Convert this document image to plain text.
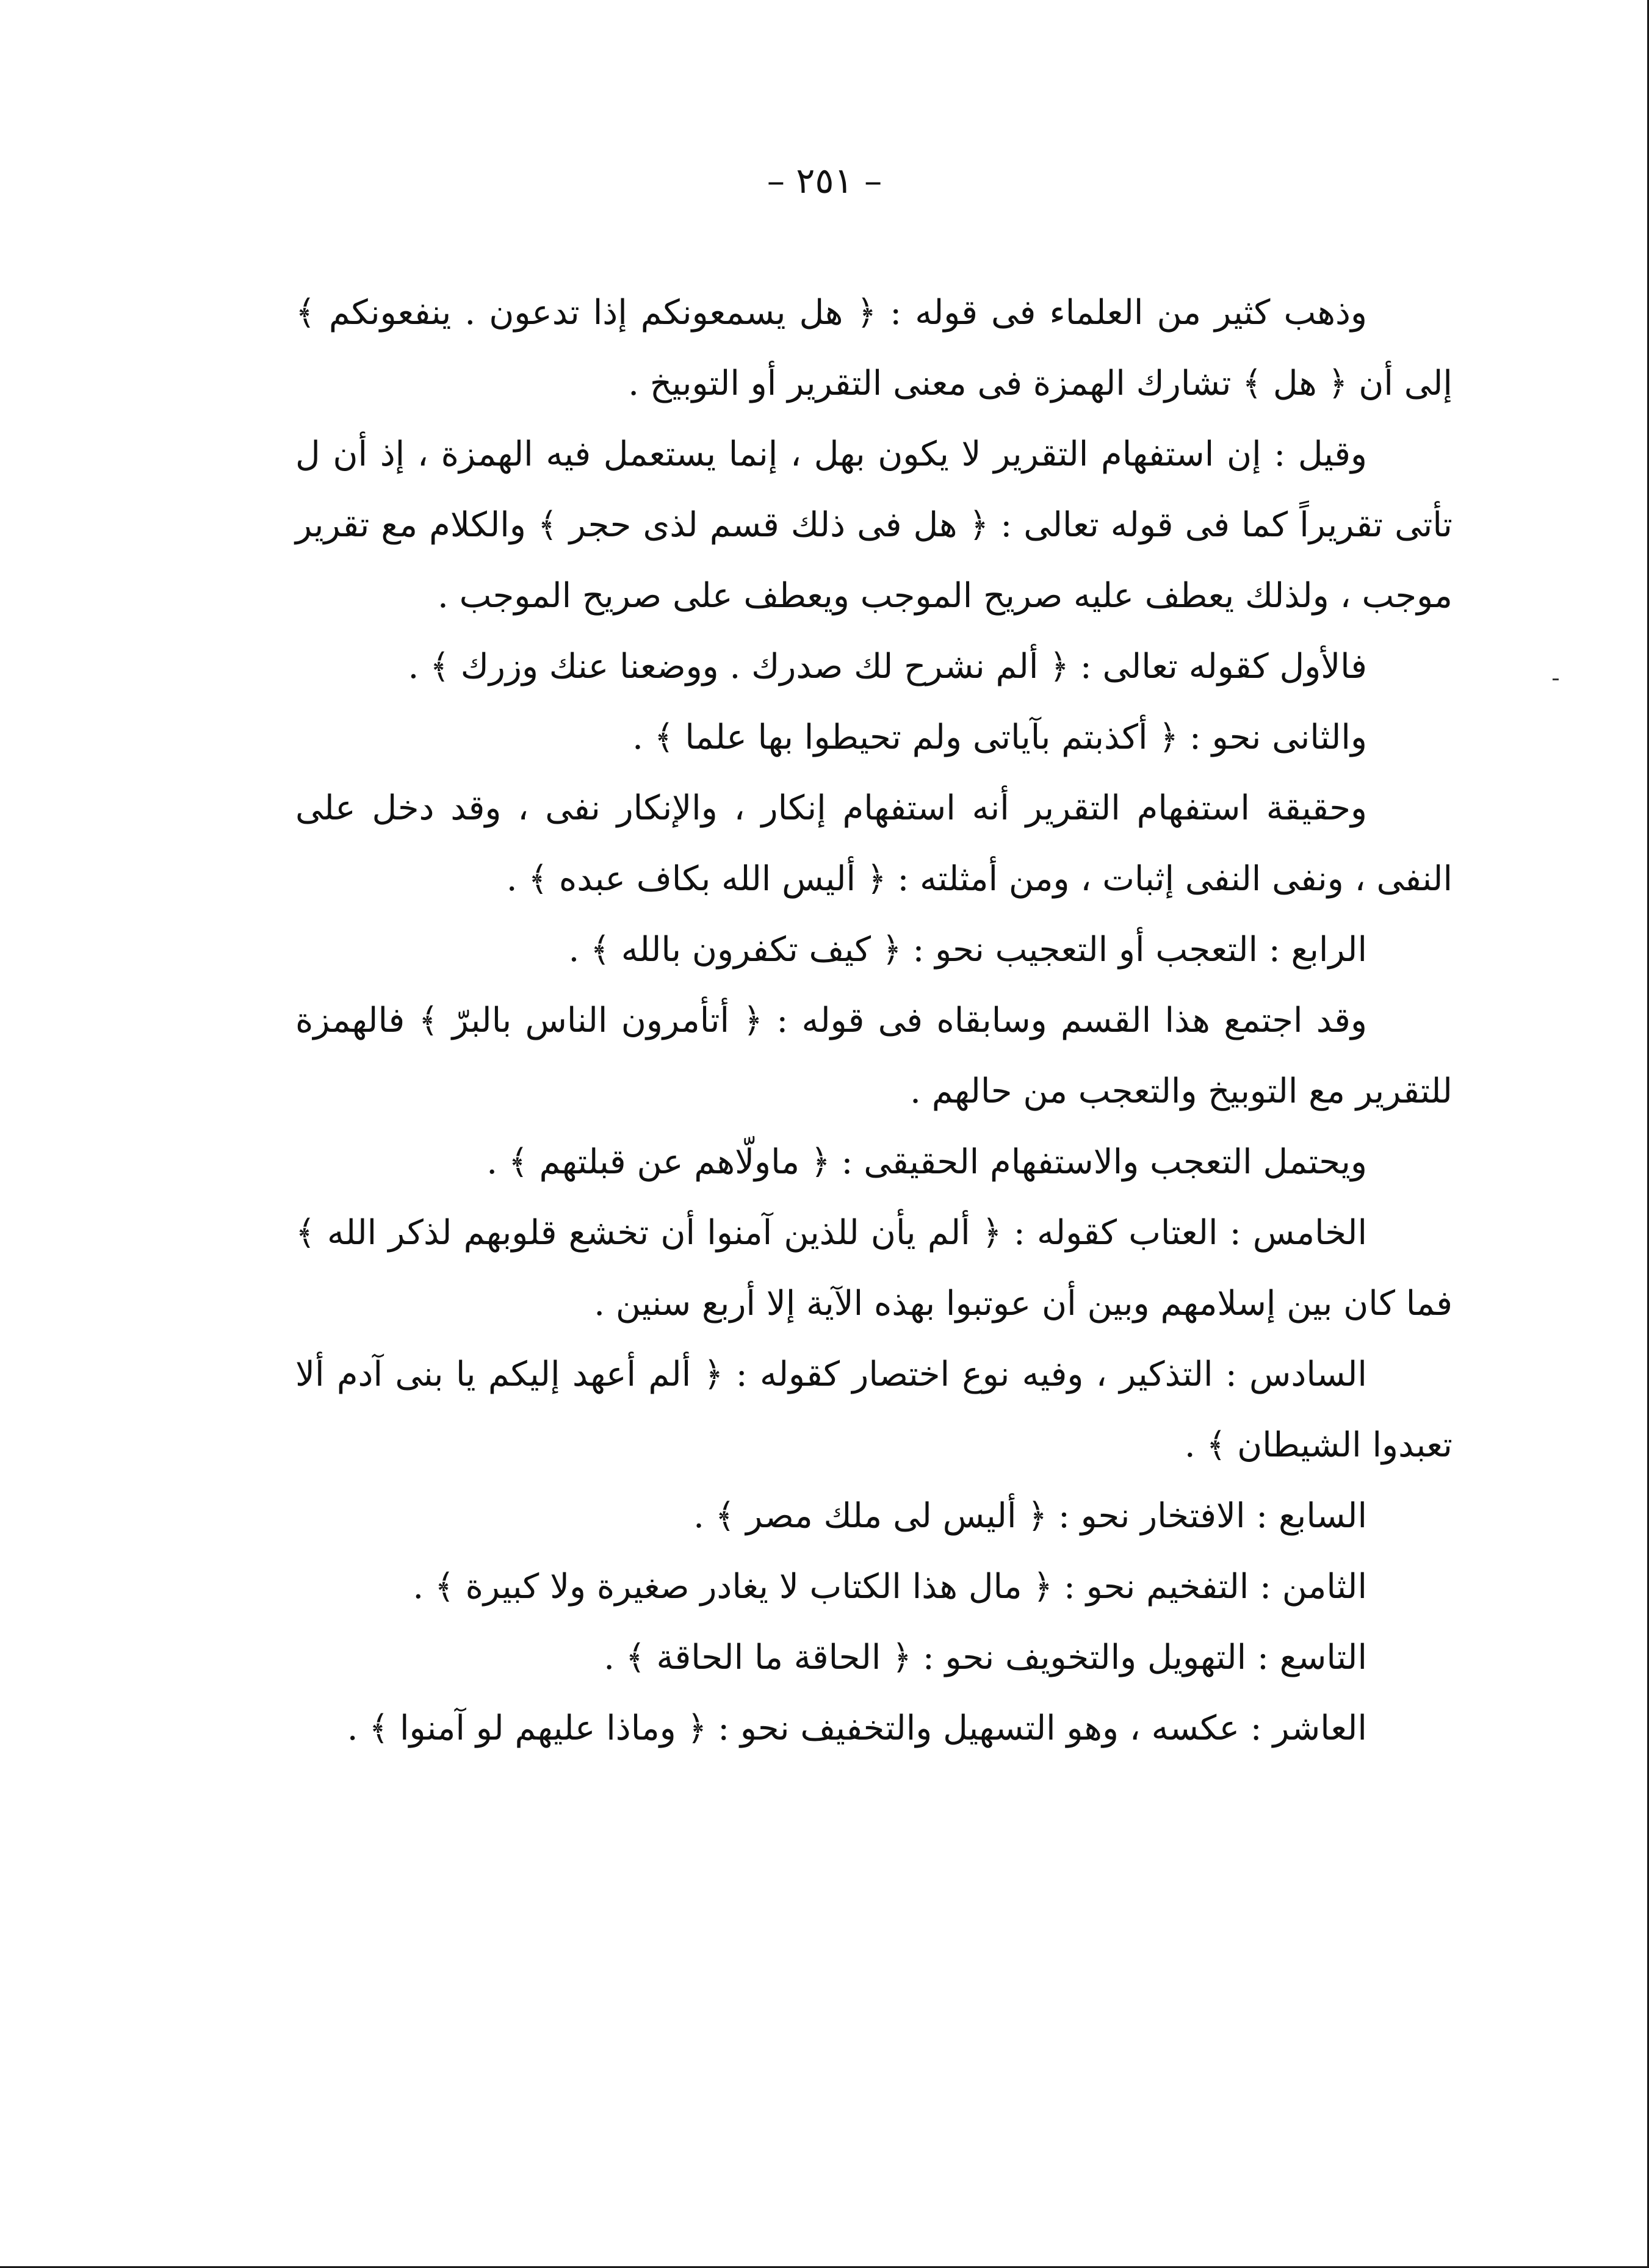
– ٢٥١ –

وذهب كثير من العلماء فى قوله : ﴿ هل يسمعونكم إذا تدعون . ينفعونكم ﴾ إلى أن ﴿ هل ﴾ تشارك الهمزة فى معنى التقرير أو التوبيخ .

وقيل : إن استفهام التقرير لا يكون بهل ، إنما يستعمل فيه الهمزة ، إذ أن ل تأتى تقريراً كما فى قوله تعالى : ﴿ هل فى ذلك قسم لذى حجر ﴾ والكلام مع تقرير موجب ، ولذلك يعطف عليه صريح الموجب ويعطف على صريح الموجب .

فالأول كقوله تعالى : ﴿ ألم نشرح لك صدرك . ووضعنا عنك وزرك ﴾ .

والثانى نحو : ﴿ أكذبتم بآياتى ولم تحيطوا بها علما ﴾ .

وحقيقة استفهام التقرير أنه استفهام إنكار ، والإنكار نفى ، وقد دخل على النفى ، ونفى النفى إثبات ، ومن أمثلته : ﴿ أليس الله بكاف عبده ﴾ .

الرابع : التعجب أو التعجيب نحو : ﴿ كيف تكفرون بالله ﴾ .

وقد اجتمع هذا القسم وسابقاه فى قوله : ﴿ أتأمرون الناس بالبرّ ﴾ فالهمزة للتقرير مع التوبيخ والتعجب من حالهم .

ويحتمل التعجب والاستفهام الحقيقى : ﴿ ماولّاهم عن قبلتهم ﴾ .

الخامس : العتاب كقوله : ﴿ ألم يأن للذين آمنوا أن تخشع قلوبهم لذكر الله ﴾ فما كان بين إسلامهم وبين أن عوتبوا بهذه الآية إلا أربع سنين .

السادس : التذكير ، وفيه نوع اختصار كقوله : ﴿ ألم أعهد إليكم يا بنى آدم ألا تعبدوا الشيطان ﴾ .

السابع : الافتخار نحو : ﴿ أليس لى ملك مصر ﴾ .

الثامن : التفخيم نحو : ﴿ مال هذا الكتاب لا يغادر صغيرة ولا كبيرة ﴾ .

التاسع : التهويل والتخويف نحو : ﴿ الحاقة ما الحاقة ﴾ .

العاشر : عكسه ، وهو التسهيل والتخفيف نحو : ﴿ وماذا عليهم لو آمنوا ﴾ .
